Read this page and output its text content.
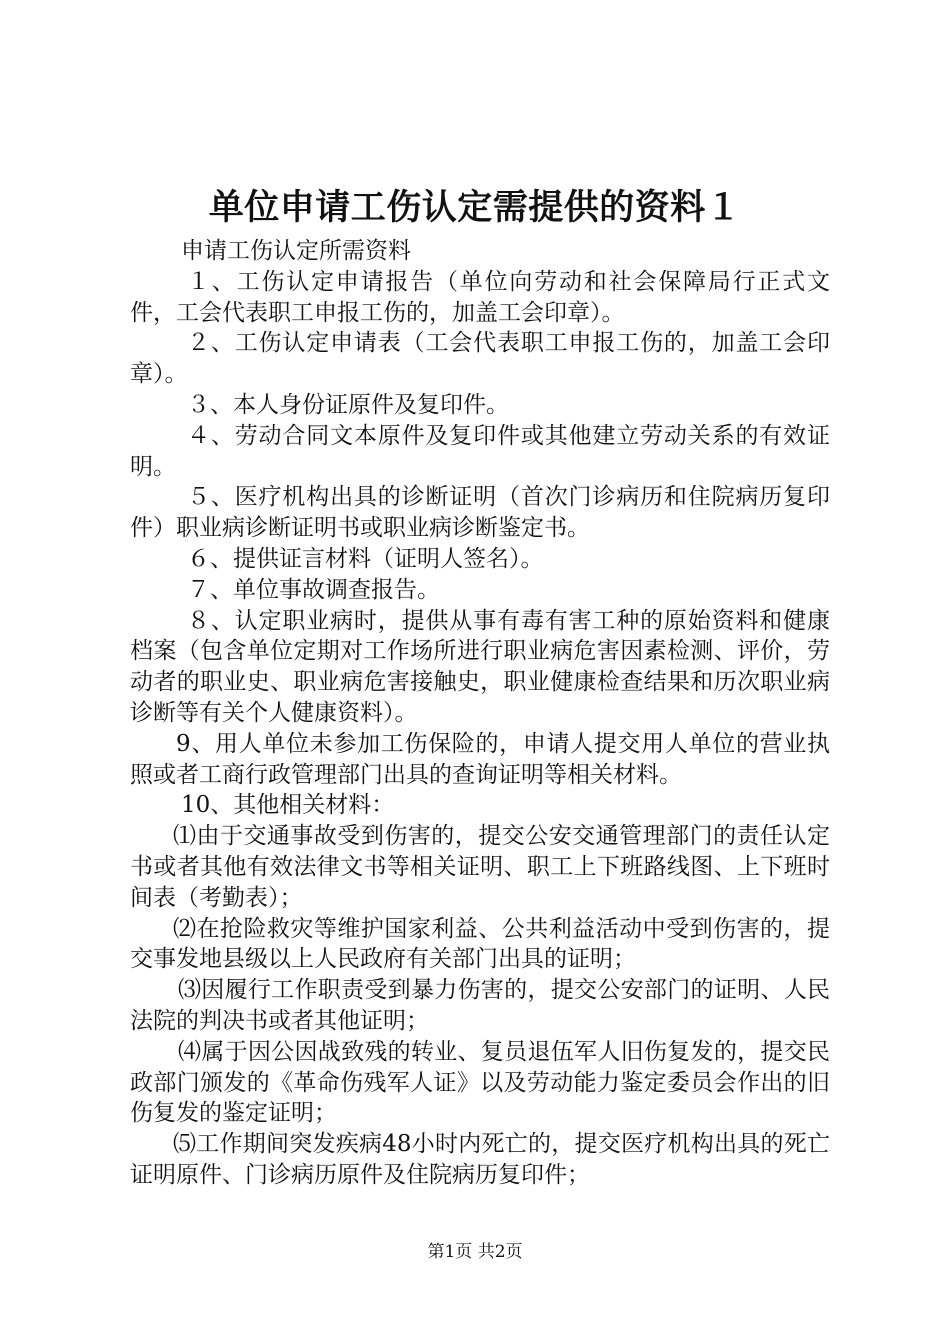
单位申请工伤认定需提供的资料１

申请工伤认定所需资料

１、工伤认定申请报告（单位向劳动和社会保障局行正式文件，工会代表职工申报工伤的，加盖工会印章）。

２、工伤认定申请表（工会代表职工申报工伤的，加盖工会印章）。

３、本人身份证原件及复印件。

４、劳动合同文本原件及复印件或其他建立劳动关系的有效证明。

５、医疗机构出具的诊断证明（首次门诊病历和住院病历复印件）职业病诊断证明书或职业病诊断鉴定书。

６、提供证言材料（证明人签名）。

７、单位事故调查报告。

８、认定职业病时，提供从事有毒有害工种的原始资料和健康档案（包含单位定期对工作场所进行职业病危害因素检测、评价，劳动者的职业史、职业病危害接触史，职业健康检查结果和历次职业病诊断等有关个人健康资料）。

9、用人单位未参加工伤保险的，申请人提交用人单位的营业执照或者工商行政管理部门出具的查询证明等相关材料。

10、其他相关材料：

⑴由于交通事故受到伤害的，提交公安交通管理部门的责任认定书或者其他有效法律文书等相关证明、职工上下班路线图、上下班时间表（考勤表）；

⑵在抢险救灾等维护国家利益、公共利益活动中受到伤害的，提交事发地县级以上人民政府有关部门出具的证明；

⑶因履行工作职责受到暴力伤害的，提交公安部门的证明、人民法院的判决书或者其他证明；

⑷属于因公因战致残的转业、复员退伍军人旧伤复发的，提交民政部门颁发的《革命伤残军人证》以及劳动能力鉴定委员会作出的旧伤复发的鉴定证明；

⑸工作期间突发疾病48小时内死亡的，提交医疗机构出具的死亡证明原件、门诊病历原件及住院病历复印件；

第1页 共2页
